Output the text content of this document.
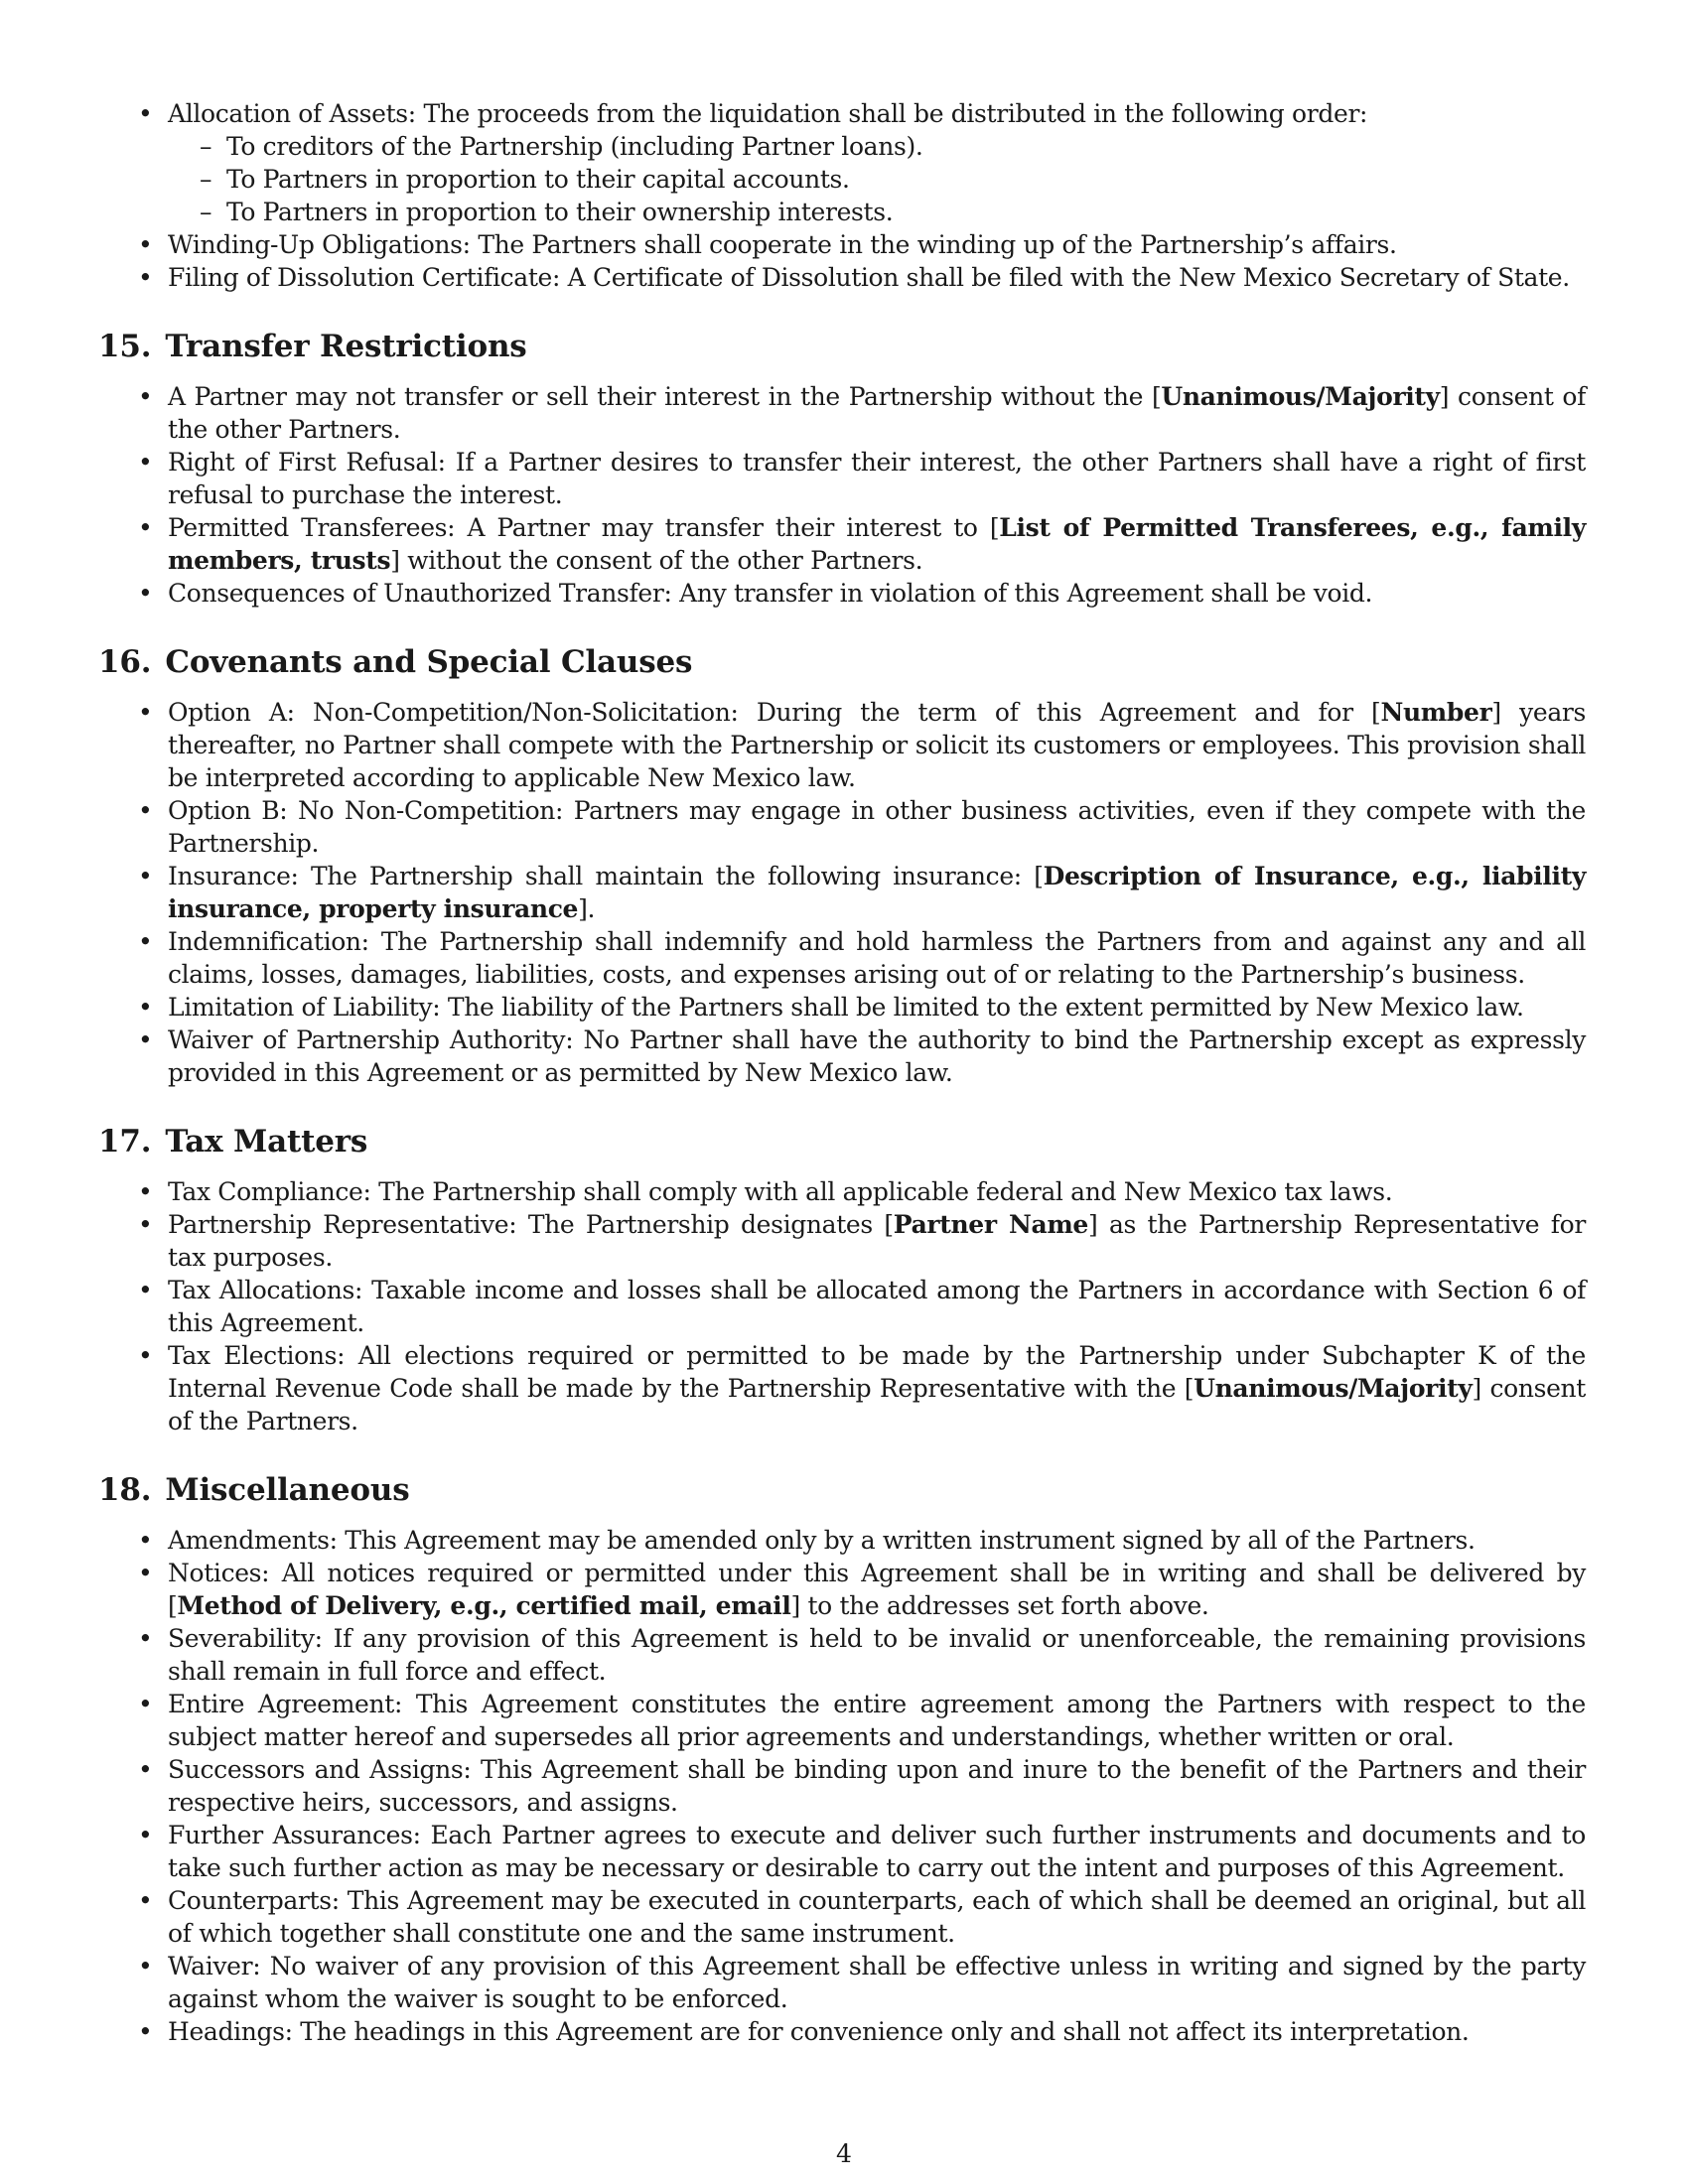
• Allocation of Assets: The proceeds from the liquidation shall be distributed in the following order:
– To creditors of the Partnership (including Partner loans).
– To Partners in proportion to their capital accounts.
– To Partners in proportion to their ownership interests.
• Winding-Up Obligations: The Partners shall cooperate in the winding up of the Partnership’s affairs.
• Filing of Dissolution Certificate: A Certificate of Dissolution shall be filed with the New Mexico Secretary of State.
15. Transfer Restrictions
• A Partner may not transfer or sell their interest in the Partnership without the [Unanimous/Majority] consent of the other Partners.
• Right of First Refusal: If a Partner desires to transfer their interest, the other Partners shall have a right of first refusal to purchase the interest.
• Permitted Transferees: A Partner may transfer their interest to [List of Permitted Transferees, e.g., family members, trusts] without the consent of the other Partners.
• Consequences of Unauthorized Transfer: Any transfer in violation of this Agreement shall be void.
16. Covenants and Special Clauses
• Option A: Non-Competition/Non-Solicitation: During the term of this Agreement and for [Number] years thereafter, no Partner shall compete with the Partnership or solicit its customers or employees. This provision shall be interpreted according to applicable New Mexico law.
• Option B: No Non-Competition: Partners may engage in other business activities, even if they compete with the Partnership.
• Insurance: The Partnership shall maintain the following insurance: [Description of Insurance, e.g., liability insurance, property insurance].
• Indemnification: The Partnership shall indemnify and hold harmless the Partners from and against any and all claims, losses, damages, liabilities, costs, and expenses arising out of or relating to the Partnership’s business.
• Limitation of Liability: The liability of the Partners shall be limited to the extent permitted by New Mexico law.
• Waiver of Partnership Authority: No Partner shall have the authority to bind the Partnership except as expressly provided in this Agreement or as permitted by New Mexico law.
17. Tax Matters
• Tax Compliance: The Partnership shall comply with all applicable federal and New Mexico tax laws.
• Partnership Representative: The Partnership designates [Partner Name] as the Partnership Representative for tax purposes.
• Tax Allocations: Taxable income and losses shall be allocated among the Partners in accordance with Section 6 of this Agreement.
• Tax Elections: All elections required or permitted to be made by the Partnership under Subchapter K of the Internal Revenue Code shall be made by the Partnership Representative with the [Unanimous/Majority] consent of the Partners.
18. Miscellaneous
• Amendments: This Agreement may be amended only by a written instrument signed by all of the Partners.
• Notices: All notices required or permitted under this Agreement shall be in writing and shall be delivered by [Method of Delivery, e.g., certified mail, email] to the addresses set forth above.
• Severability: If any provision of this Agreement is held to be invalid or unenforceable, the remaining provisions shall remain in full force and effect.
• Entire Agreement: This Agreement constitutes the entire agreement among the Partners with respect to the subject matter hereof and supersedes all prior agreements and understandings, whether written or oral.
• Successors and Assigns: This Agreement shall be binding upon and inure to the benefit of the Partners and their respective heirs, successors, and assigns.
• Further Assurances: Each Partner agrees to execute and deliver such further instruments and documents and to take such further action as may be necessary or desirable to carry out the intent and purposes of this Agreement.
• Counterparts: This Agreement may be executed in counterparts, each of which shall be deemed an original, but all of which together shall constitute one and the same instrument.
• Waiver: No waiver of any provision of this Agreement shall be effective unless in writing and signed by the party against whom the waiver is sought to be enforced.
• Headings: The headings in this Agreement are for convenience only and shall not affect its interpretation.
4
